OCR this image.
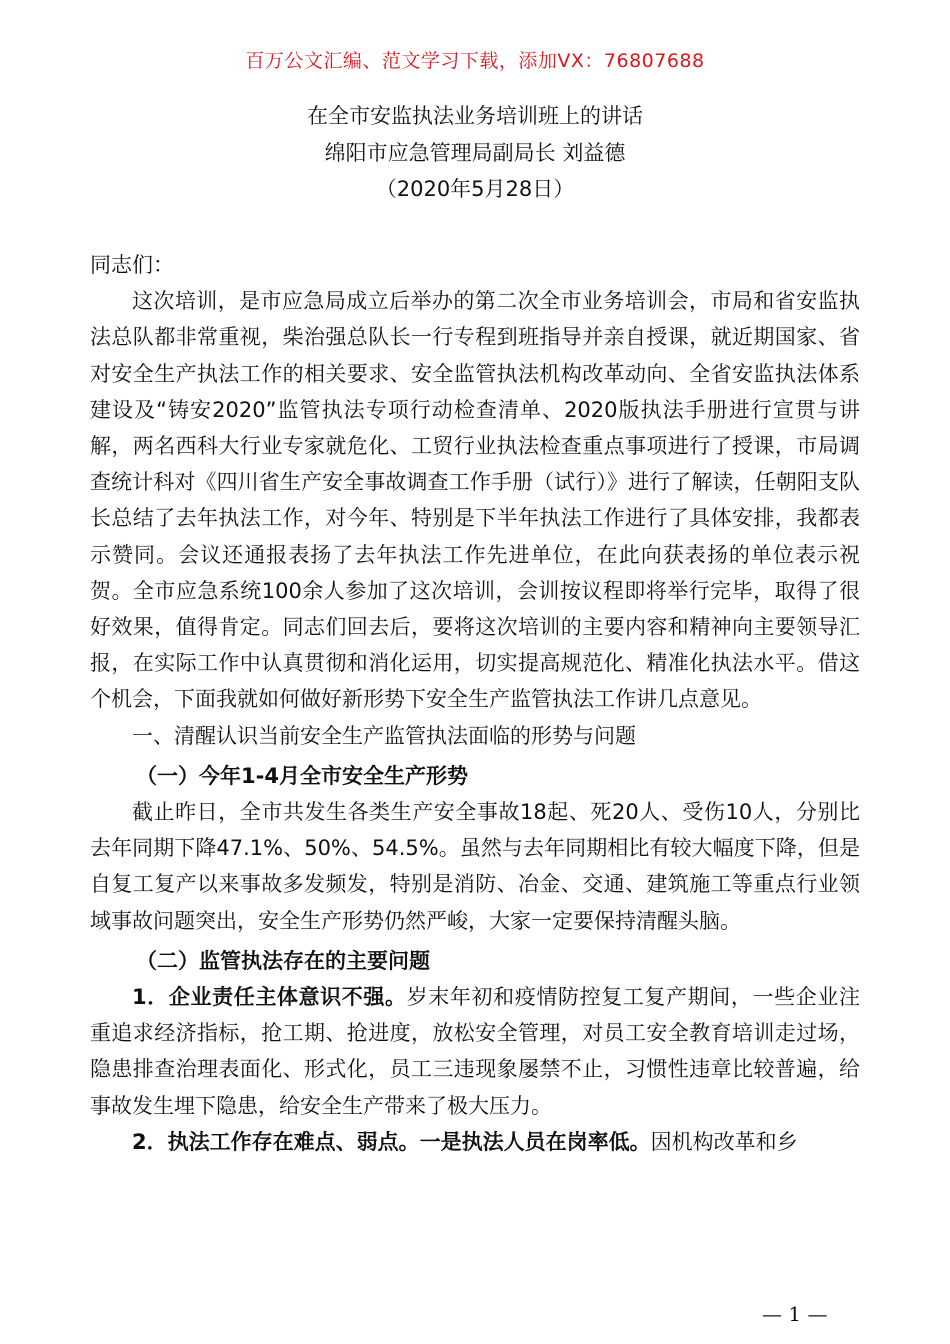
百万公文汇编、范文学习下载，添加VX：76807688
在全市安监执法业务培训班上的讲话
绵阳市应急管理局副局长 刘益德
（2020年5月28日）

同志们：

这次培训，是市应急局成立后举办的第二次全市业务培训会，市局和省安监执法总队都非常重视，柴治强总队长一行专程到班指导并亲自授课，就近期国家、省对安全生产执法工作的相关要求、安全监管执法机构改革动向、全省安监执法体系建设及“铸安2020”监管执法专项行动检查清单、2020版执法手册进行宣贯与讲解，两名西科大行业专家就危化、工贸行业执法检查重点事项进行了授课，市局调查统计科对《四川省生产安全事故调查工作手册（试行）》进行了解读，任朝阳支队长总结了去年执法工作，对今年、特别是下半年执法工作进行了具体安排，我都表示赞同。会议还通报表扬了去年执法工作先进单位，在此向获表扬的单位表示祝贺。全市应急系统100余人参加了这次培训，会训按议程即将举行完毕，取得了很好效果，值得肯定。同志们回去后，要将这次培训的主要内容和精神向主要领导汇报，在实际工作中认真贯彻和消化运用，切实提高规范化、精准化执法水平。借这个机会，下面我就如何做好新形势下安全生产监管执法工作讲几点意见。

一、清醒认识当前安全生产监管执法面临的形势与问题

（一）今年1-4月全市安全生产形势

截止昨日，全市共发生各类生产安全事故18起、死20人、受伤10人，分别比去年同期下降47.1%、50%、54.5%。虽然与去年同期相比有较大幅度下降，但是自复工复产以来事故多发频发，特别是消防、冶金、交通、建筑施工等重点行业领域事故问题突出，安全生产形势仍然严峻，大家一定要保持清醒头脑。

（二）监管执法存在的主要问题

1．企业责任主体意识不强。岁末年初和疫情防控复工复产期间，一些企业注重追求经济指标，抢工期、抢进度，放松安全管理，对员工安全教育培训走过场，隐患排查治理表面化、形式化，员工三违现象屡禁不止，习惯性违章比较普遍，给事故发生埋下隐患，给安全生产带来了极大压力。

2．执法工作存在难点、弱点。一是执法人员在岗率低。因机构改革和乡

— 1 —
